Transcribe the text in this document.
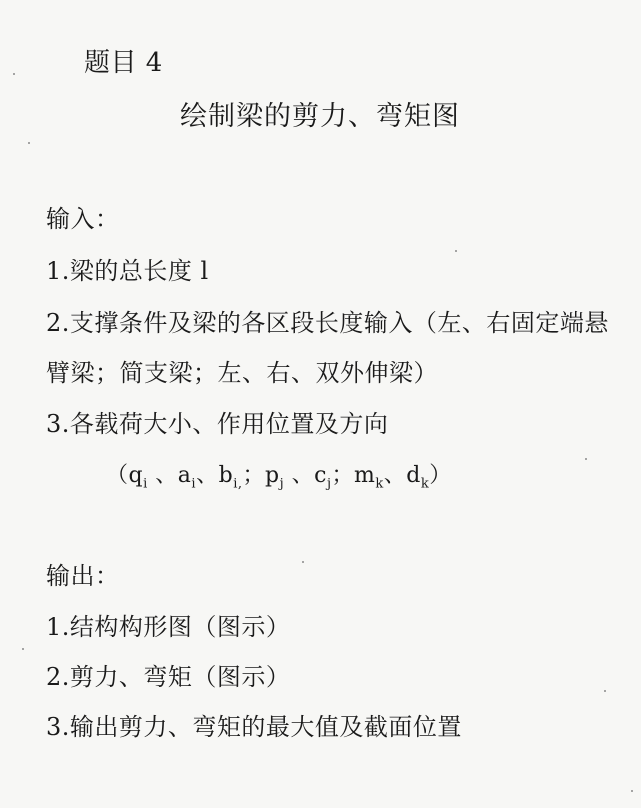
题目 4
绘制梁的剪力、弯矩图
输入：
1.梁的总长度 l
2.支撑条件及梁的各区段长度输入（左、右固定端悬
臂梁；简支梁；左、右、双外伸梁）
3.各载荷大小、作用位置及方向
（$q_i$ 、$a_i$、$b_{i,}$；$p_j$ 、$c_j$；$m_k$、$d_k$）
输出：
1.结构构形图（图示）
2.剪力、弯矩（图示）
3.输出剪力、弯矩的最大值及截面位置
